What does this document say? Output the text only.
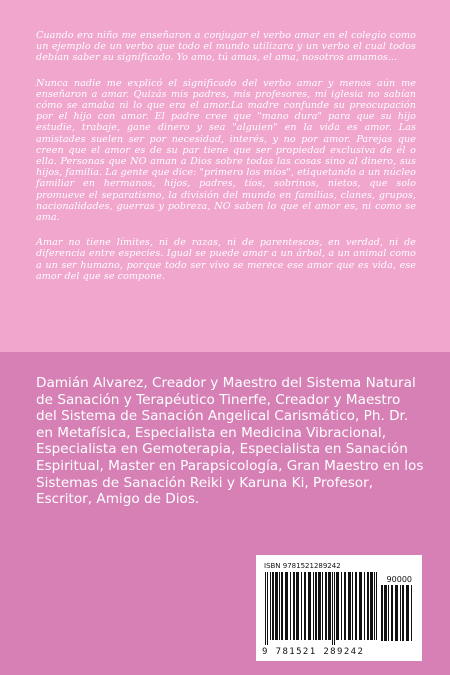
Cuando era niño me enseñaron a conjugar el verbo amar en el colegio como un ejemplo de un verbo que todo el mundo utilizara y un verbo el cual todos debían saber su significado. Yo amo, tú amas, el ama, nosotros amamos...

Nunca nadie me explicó el significado del verbo amar y menos aún me enseñaron a amar. Quizás mis padres, mis profesores, mi iglesia no sabían cómo se amaba ni lo que era el amor.La madre confunde su preocupación por el hijo con amor. El padre cree que "mano dura" para que su hijo estudie, trabaje, gane dinero y sea "alguien" en la vida es amor. Las amistades suelen ser por necesidad, interés, y no por amor. Parejas que creen que el amor es de su par tiene que ser propiedad exclusiva de él o ella. Personas que NO aman a Dios sobre todas las cosas sino al dinero, sus hijos, familia. La gente que dice: "primero los míos", etiquetando a un núcleo familiar en hermanos, hijos, padres, tíos, sobrinos, nietos, que solo promueve el separatismo, la división del mundo en familias, clanes, grupos, nacionalidades, guerras y pobreza, NO saben lo que el amor es, ni como se ama.

Amar no tiene límites, ni de razas, ni de parentescos, en verdad, ni de diferencia entre especies. Igual se puede amar a un árbol, a un animal como a un ser humano, porque todo ser vivo se merece ese amor que es vida, ese amor del que se compone.

Damián Alvarez, Creador y Maestro del Sistema Natural de Sanación y Terapéutico Tinerfe, Creador y Maestro del Sistema de Sanación Angelical Carismático, Ph. Dr. en Metafísica, Especialista en Medicina Vibracional, Especialista en Gemoterapia, Especialista en Sanación Espiritual, Master en Parapsicología, Gran Maestro en los Sistemas de Sanación Reiki y Karuna Ki, Profesor, Escritor, Amigo de Dios.

ISBN 9781521289242
90000
9 781521 289242
